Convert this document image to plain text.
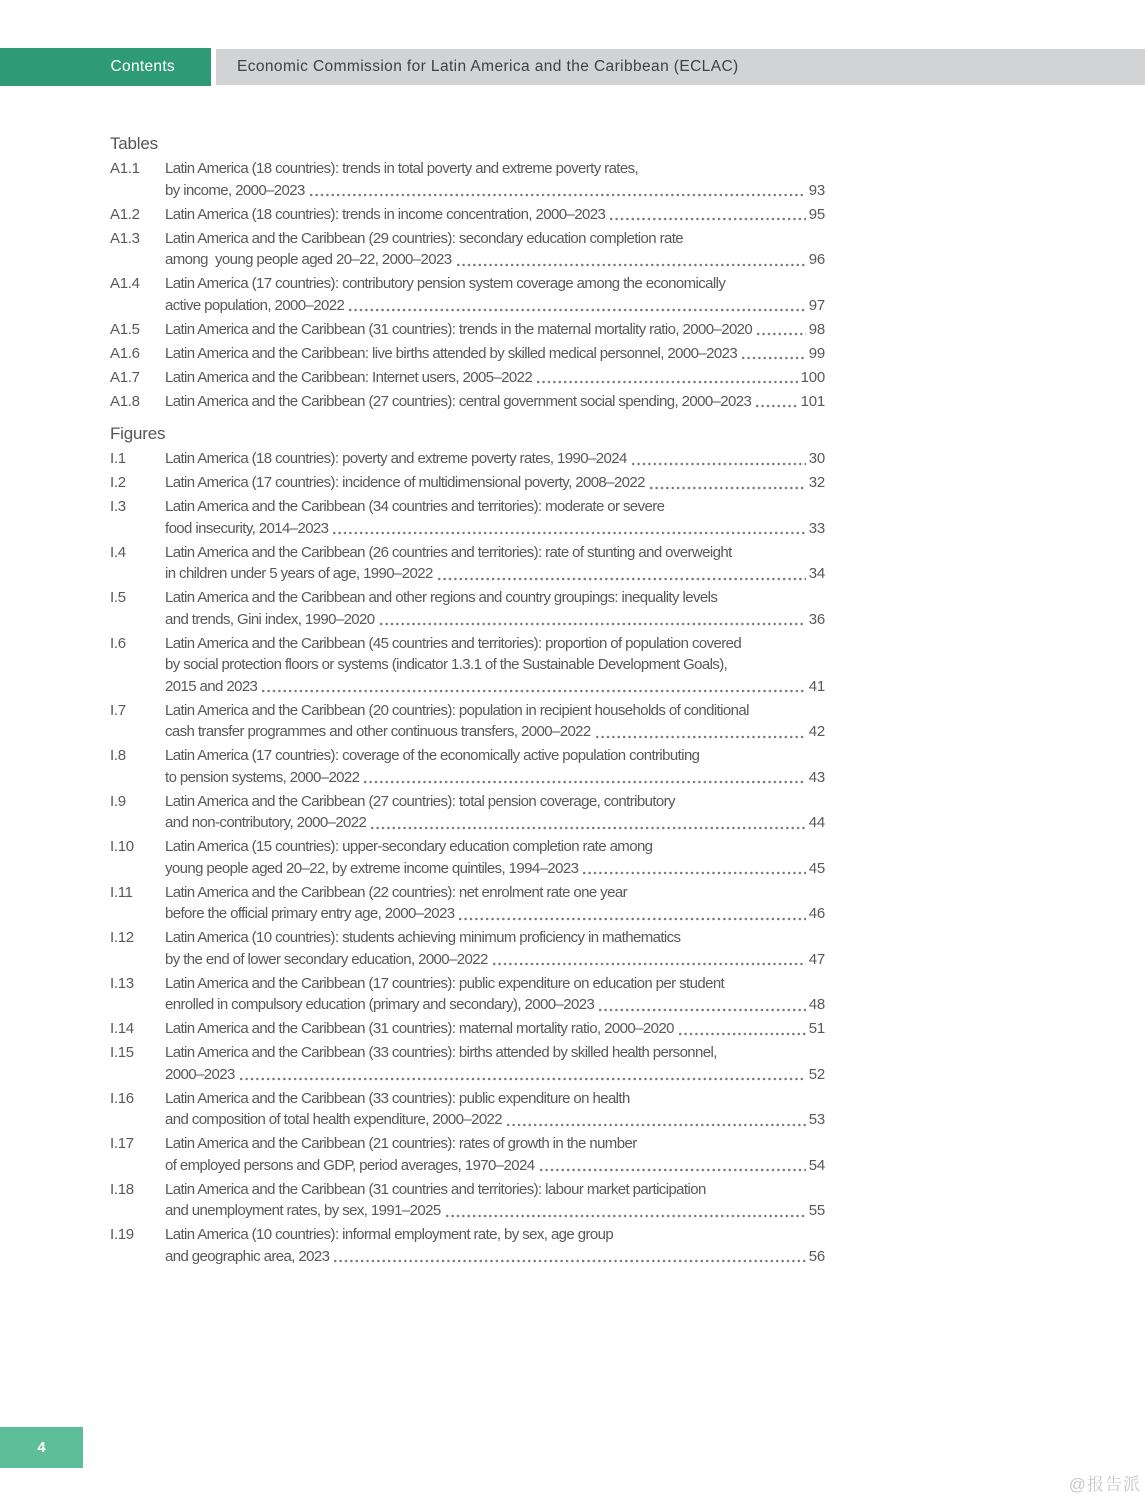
Contents	Economic Commission for Latin America and the Caribbean (ECLAC)
Tables
A1.1	Latin America (18 countries): trends in total poverty and extreme poverty rates,
by income, 2000–2023	93
A1.2	Latin America (18 countries): trends in income concentration, 2000–2023	95
A1.3	Latin America and the Caribbean (29 countries): secondary education completion rate
among  young people aged 20–22, 2000–2023	96
A1.4	Latin America (17 countries): contributory pension system coverage among the economically
active population, 2000–2022	97
A1.5	Latin America and the Caribbean (31 countries): trends in the maternal mortality ratio, 2000–2020	98
A1.6	Latin America and the Caribbean: live births attended by skilled medical personnel, 2000–2023	99
A1.7	Latin America and the Caribbean: Internet users, 2005–2022	100
A1.8	Latin America and the Caribbean (27 countries): central government social spending, 2000–2023	101
Figures
I.1	Latin America (18 countries): poverty and extreme poverty rates, 1990–2024	30
I.2	Latin America (17 countries): incidence of multidimensional poverty, 2008–2022	32
I.3	Latin America and the Caribbean (34 countries and territories): moderate or severe
food insecurity, 2014–2023	33
I.4	Latin America and the Caribbean (26 countries and territories): rate of stunting and overweight
in children under 5 years of age, 1990–2022	34
I.5	Latin America and the Caribbean and other regions and country groupings: inequality levels
and trends, Gini index, 1990–2020	36
I.6	Latin America and the Caribbean (45 countries and territories): proportion of population covered
by social protection floors or systems (indicator 1.3.1 of the Sustainable Development Goals),
2015 and 2023	41
I.7	Latin America and the Caribbean (20 countries): population in recipient households of conditional
cash transfer programmes and other continuous transfers, 2000–2022	42
I.8	Latin America (17 countries): coverage of the economically active population contributing
to pension systems, 2000–2022	43
I.9	Latin America and the Caribbean (27 countries): total pension coverage, contributory
and non-contributory, 2000–2022	44
I.10	Latin America (15 countries): upper-secondary education completion rate among
young people aged 20–22, by extreme income quintiles, 1994–2023	45
I.11	Latin America and the Caribbean (22 countries): net enrolment rate one year
before the official primary entry age, 2000–2023	46
I.12	Latin America (10 countries): students achieving minimum proficiency in mathematics
by the end of lower secondary education, 2000–2022	47
I.13	Latin America and the Caribbean (17 countries): public expenditure on education per student
enrolled in compulsory education (primary and secondary), 2000–2023	48
I.14	Latin America and the Caribbean (31 countries): maternal mortality ratio, 2000–2020	51
I.15	Latin America and the Caribbean (33 countries): births attended by skilled health personnel,
2000–2023	52
I.16	Latin America and the Caribbean (33 countries): public expenditure on health
and composition of total health expenditure, 2000–2022	53
I.17	Latin America and the Caribbean (21 countries): rates of growth in the number
of employed persons and GDP, period averages, 1970–2024	54
I.18	Latin America and the Caribbean (31 countries and territories): labour market participation
and unemployment rates, by sex, 1991–2025	55
I.19	Latin America (10 countries): informal employment rate, by sex, age group
and geographic area, 2023	56
4
@报告派
